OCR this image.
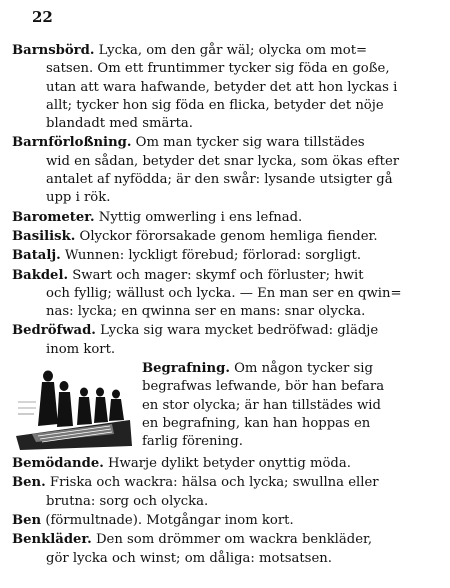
22
Barnsbörd. Lycka, om den går wäl; olycka om mot=
satsen. Om ett fruntimmer tycker sig föda en goße,
utan att wara hafwande, betyder det att hon lyckas i
allt; tycker hon sig föda en flicka, betyder det nöje
blandadt med smärta.
Barnförloßning. Om man tycker sig wara tillstädes
wid en sådan, betyder det snar lycka, som ökas efter
antalet af nyfödda; är den swår: lysande utsigter gå
upp i rök.
Barometer. Nyttig omwerling i ens lefnad.
Basilisk. Olyckor förorsakade genom hemliga fiender.
Batalj. Wunnen: lyckligt förebud; förlorad: sorgligt.
Bakdel. Swart och mager: skymf och förluster; hwit
och fyllig; wällust och lycka. — En man ser en qwin=
nas: lycka; en qwinna ser en mans: snar olycka.
Bedröfwad. Lycka sig wara mycket bedröfwad: glädje
inom kort.
Begrafning. Om någon tycker sig
begrafwas lefwande, bör han befara
en stor olycka; är han tillstädes wid
en begrafning, kan han hoppas en
farlig förening.
Bemödande. Hwarje dylikt betyder onyttig möda.
Ben. Friska och wackra: hälsa och lycka; swullna eller
brutna: sorg och olycka.
Ben (förmultnade). Motgångar inom kort.
Benkläder. Den som drömmer om wackra benkläder,
gör lycka och winst; om dåliga: motsatsen.
